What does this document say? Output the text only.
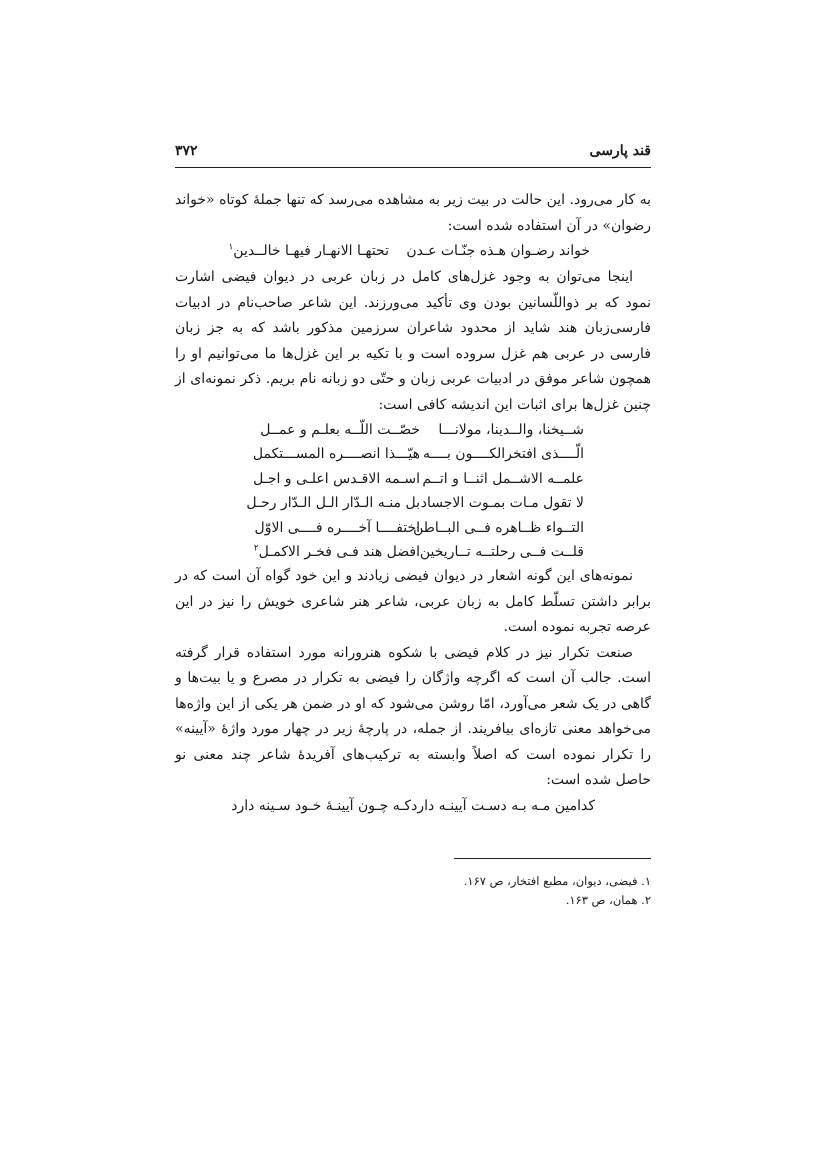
قند پارسی
۳۷۲

به کار می‌رود. این حالت در بیت زیر به مشاهده می‌رسد که تنها جملهٔ کوتاه «خواند رضوان» در آن استفاده شده است:

خواند رضـوان هـذه جنّـات عـدن
تحتهـا الانهـار فیهـا خالــدین$^۱$

اینجا می‌توان به وجود غزل‌های کامل در زبان عربی در دیوان فیضی اشارت نمود که بر ذواللّسانین بودن وی تأکید می‌ورزند. این شاعر صاحب‌نام در ادبیات فارسی‌زبان هند شاید از محدود شاعران سرزمین مذکور باشد که به جز زبان فارسی در عربی هم غزل سروده است و با تکیه بر این غزل‌ها ما می‌توانیم او را همچون شاعر موفق در ادبیات عربی زبان و حتّی دو زبانه نام بریم. ذکر نمونه‌ای از چنین غزل‌ها برای اثبات این اندیشه کافی است:

شــیخنا، والــدینا، مولانـــا
خصّــت اللّــه بعلـم و عمــل
الّــــذی افتخرالکــــون بــــه
هیّـــذا انصــــره المســـتکمل
علمــه الاشــمل اثنــا و اتــم
اسـمه الاقـدس اعلـی و اجـل
لا تقول مـات بمـوت الاجساد
بل منـه الـدّار الـل الـدّار رحـل
التــواء ظــاهره فــی البــاطن
اختفــــا آخــــره فــــی الاوّل
قلــت فــی رحلتــه تــاریخین
افضل هند فـی فخـر الاکمـل$^۲$

نمونه‌های این گونه اشعار در دیوان فیضی زیادند و این خود گواه آن است که در برابر داشتن تسلّط کامل به زبان عربی، شاعر هنر شاعری خویش را نیز در این عرصه تجربه نموده است.

صنعت تکرار نیز در کلام فیضی با شکوه هنرورانه مورد استفاده قرار گرفته است. جالب آن است که اگرچه واژگان را فیضی به تکرار در مصرع و یا بیت‌ها و گاهی در یک شعر می‌آورد، امّا روشن می‌شود که او در ضمن هر یکی از این واژه‌ها می‌خواهد معنی تازه‌ای بیافریند. از جمله، در پارچهٔ زیر در چهار مورد واژهٔ «آیینه» را تکرار نموده است که اصلاً وابسته به ترکیب‌های آفریدهٔ شاعر چند معنی نو حاصل شده است:

کدامین مـه بـه دسـت آیینـه دارد
کـه چـون آیینـهٔ خـود سـینه دارد

۱. فیضی، دیوان، مطبع افتخار، ص ۱۶۷.

۲. همان، ص ۱۶۳.
